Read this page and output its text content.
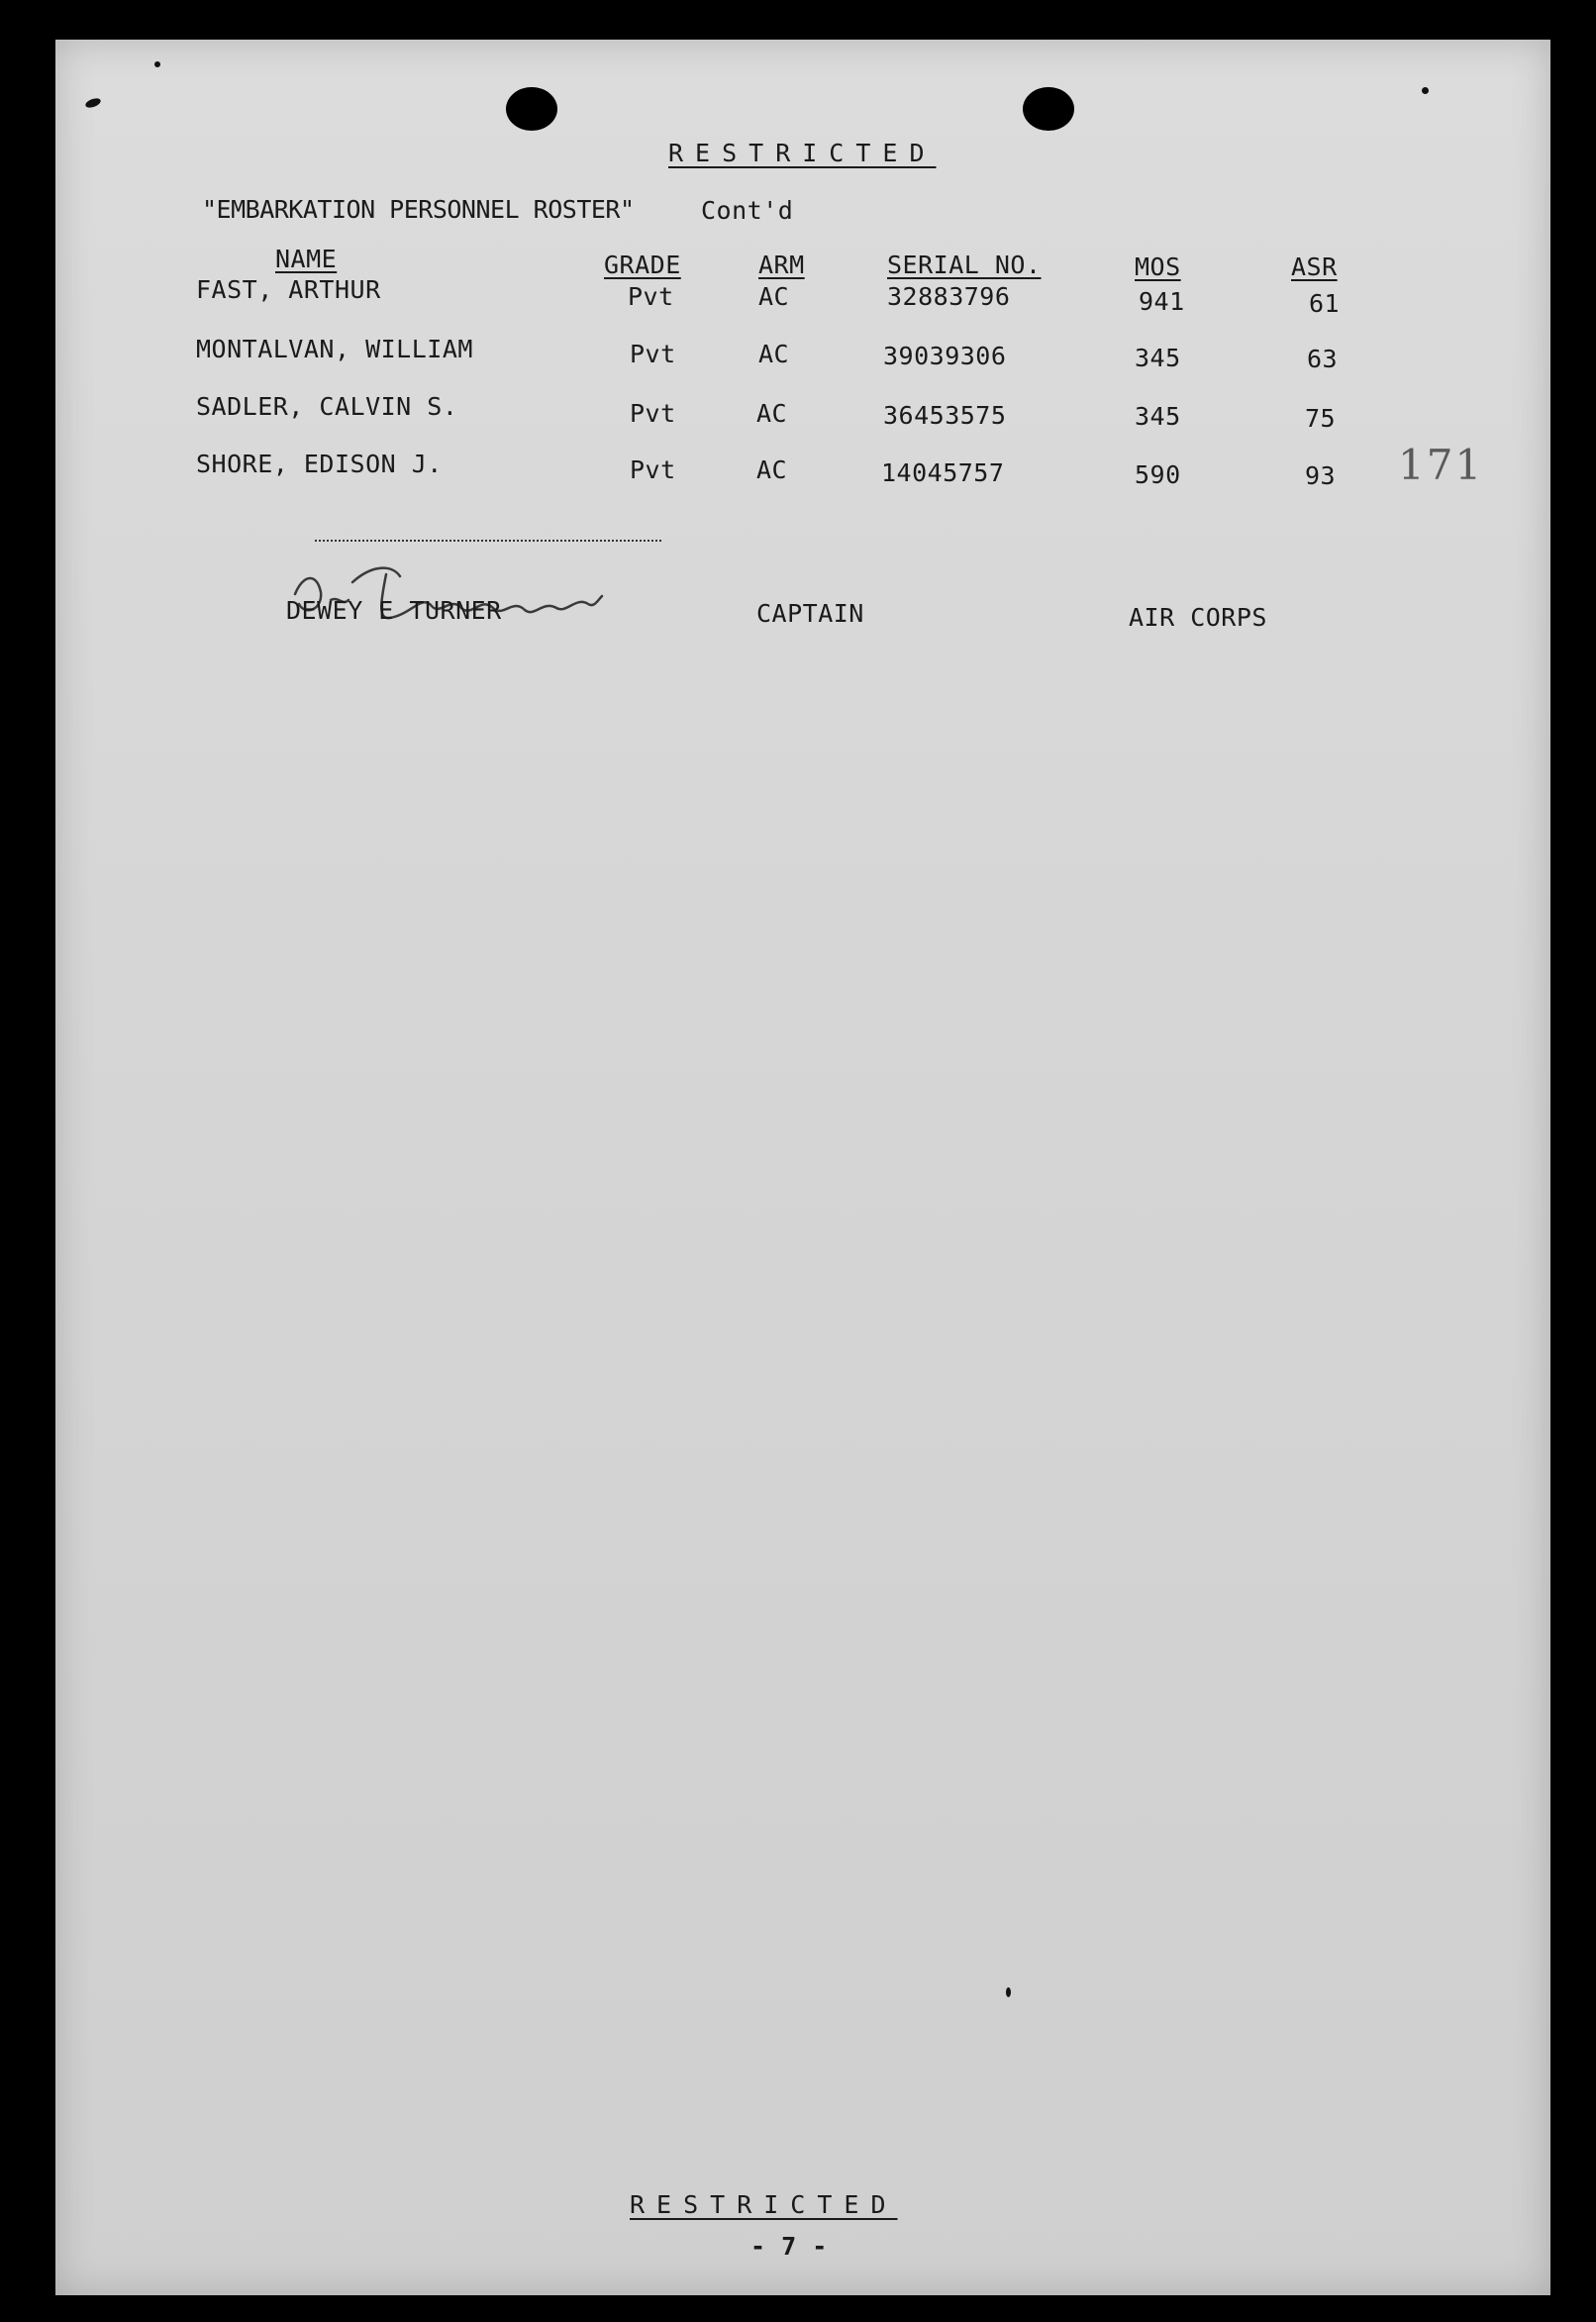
RESTRICTED
"EMBARKATION PERSONNEL ROSTER"	Cont'd
NAME	GRADE	ARM	SERIAL NO.	MOS	ASR
FAST, ARTHUR	Pvt	AC	32883796	941	61
MONTALVAN, WILLIAM	Pvt	AC	39039306	345	63
SADLER, CALVIN S.	Pvt	AC	36453575	345	75
SHORE, EDISON J.	Pvt	AC	14045757	590	93 171
DEWEY E TURNER	CAPTAIN	AIR CORPS
RESTRICTED
- 7 -
